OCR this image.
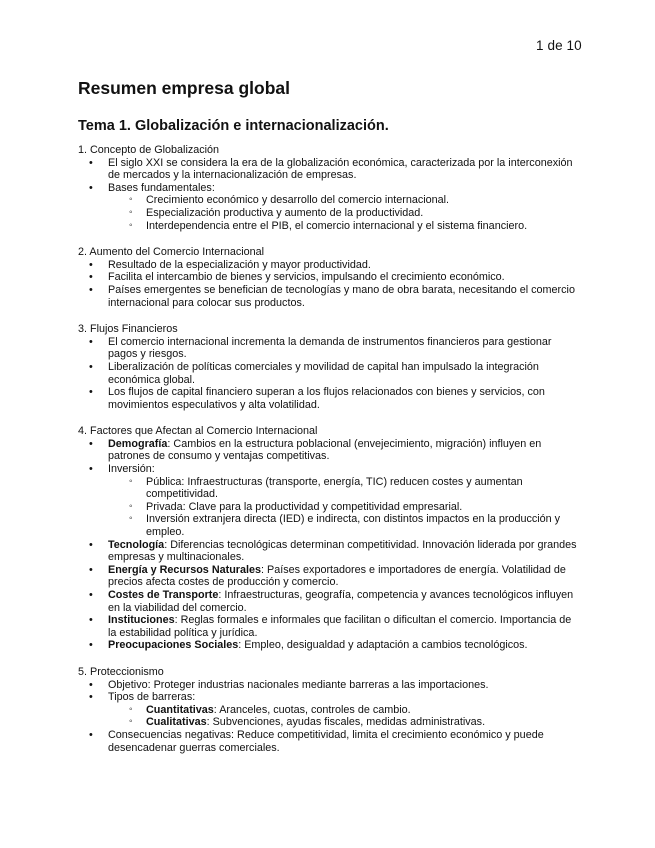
1 de 10
Resumen empresa global
Tema 1. Globalización e internacionalización.

1. Concepto de Globalización

• El siglo XXI se considera la era de la globalización económica, caracterizada por la interconexión de mercados y la internacionalización de empresas.
• Bases fundamentales:
◦ Crecimiento económico y desarrollo del comercio internacional.
◦ Especialización productiva y aumento de la productividad.
◦ Interdependencia entre el PIB, el comercio internacional y el sistema financiero.

2. Aumento del Comercio Internacional

• Resultado de la especialización y mayor productividad.
• Facilita el intercambio de bienes y servicios, impulsando el crecimiento económico.
• Países emergentes se benefician de tecnologías y mano de obra barata, necesitando el comercio internacional para colocar sus productos.

3. Flujos Financieros

• El comercio internacional incrementa la demanda de instrumentos financieros para gestionar pagos y riesgos.
• Liberalización de políticas comerciales y movilidad de capital han impulsado la integración económica global.
• Los flujos de capital financiero superan a los flujos relacionados con bienes y servicios, con movimientos especulativos y alta volatilidad.

4. Factores que Afectan al Comercio Internacional

• Demografía: Cambios en la estructura poblacional (envejecimiento, migración) influyen en patrones de consumo y ventajas competitivas.
• Inversión:
◦ Pública: Infraestructuras (transporte, energía, TIC) reducen costes y aumentan competitividad.
◦ Privada: Clave para la productividad y competitividad empresarial.
◦ Inversión extranjera directa (IED) e indirecta, con distintos impactos en la producción y empleo.
• Tecnología: Diferencias tecnológicas determinan competitividad. Innovación liderada por grandes empresas y multinacionales.
• Energía y Recursos Naturales: Países exportadores e importadores de energía. Volatilidad de precios afecta costes de producción y comercio.
• Costes de Transporte: Infraestructuras, geografía, competencia y avances tecnológicos influyen en la viabilidad del comercio.
• Instituciones: Reglas formales e informales que facilitan o dificultan el comercio. Importancia de la estabilidad política y jurídica.
• Preocupaciones Sociales: Empleo, desigualdad y adaptación a cambios tecnológicos.

5. Proteccionismo

• Objetivo: Proteger industrias nacionales mediante barreras a las importaciones.
• Tipos de barreras:
◦ Cuantitativas: Aranceles, cuotas, controles de cambio.
◦ Cualitativas: Subvenciones, ayudas fiscales, medidas administrativas.
• Consecuencias negativas: Reduce competitividad, limita el crecimiento económico y puede desencadenar guerras comerciales.
